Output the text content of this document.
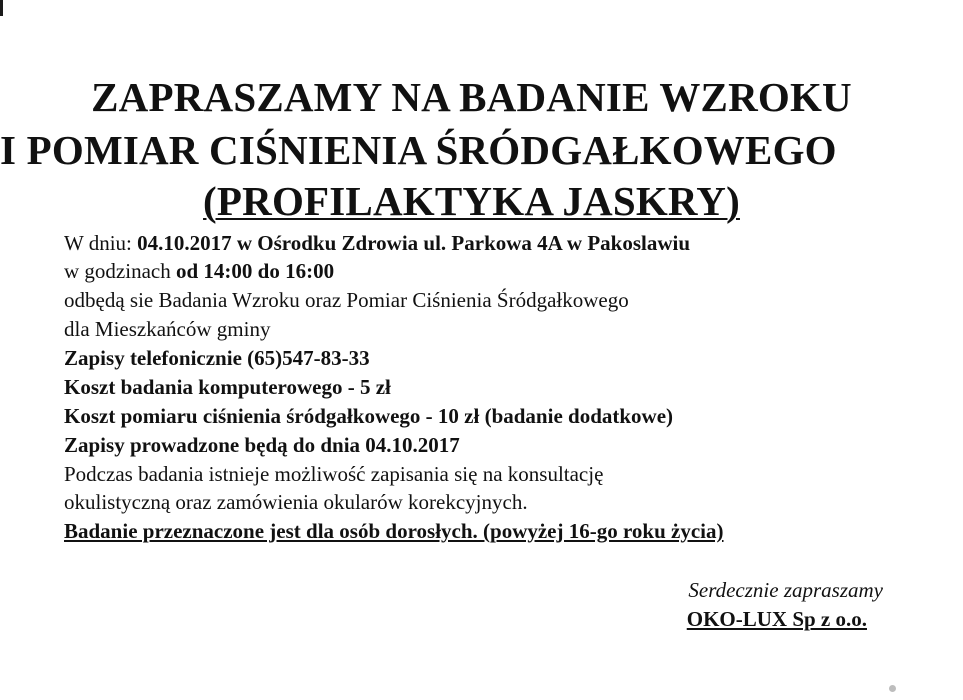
ZAPRASZAMY NA BADANIE WZROKU
I POMIAR CIŚNIENIA ŚRÓDGAŁKOWEGO
(PROFILAKTYKA JASKRY)
W dniu: 04.10.2017 w Ośrodku Zdrowia ul. Parkowa 4A w Pakoslawiu
w godzinach od 14:00 do 16:00
odbędą sie Badania Wzroku oraz Pomiar Ciśnienia Śródgałkowego
dla Mieszkańców gminy
Zapisy telefonicznie (65)547-83-33
Koszt badania komputerowego - 5 zł
Koszt pomiaru ciśnienia śródgałkowego - 10 zł (badanie dodatkowe)
Zapisy prowadzone będą do dnia 04.10.2017
Podczas badania istnieje możliwość zapisania się na konsultację
okulistyczną oraz zamówienia okularów korekcyjnych.
Badanie przeznaczone jest dla osób dorosłych. (powyżej 16-go roku życia)
Serdecznie zapraszamy
OKO-LUX Sp z o.o.
